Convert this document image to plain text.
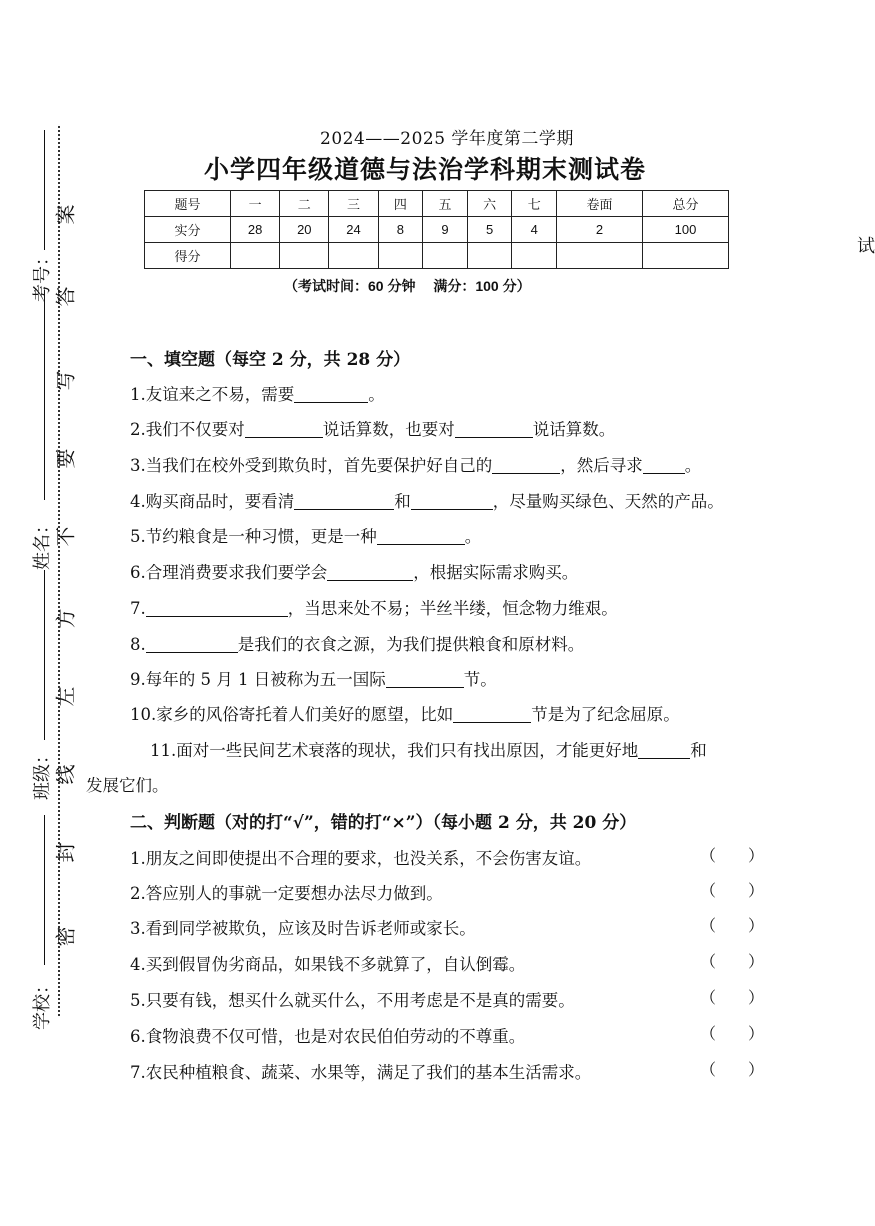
考号：
姓名：
班级：
学校：
密
封
线
左
方
不
要
写
答
案
试
2024——2025 学年度第二学期
小学四年级道德与法治学科期末测试卷
题号	一	二	三	四	五	六	七	卷面	总分
实分	28	20	24	8	9	5	4	2	100
得分									
（考试时间：60 分钟　 满分：100 分）
一、填空题（每空 2 分，共 28 分）
1.友谊来之不易，需要	。
2.我们不仅要对	说话算数，也要对	说话算数。
3.当我们在校外受到欺负时，首先要保护好自己的	，然后寻求	。
4.购买商品时，要看清	和	，尽量购买绿色、天然的产品。
5.节约粮食是一种习惯，更是一种	。
6.合理消费要求我们要学会	，根据实际需求购买。
7.	，当思来处不易；半丝半缕，恒念物力维艰。
8.	是我们的衣食之源，为我们提供粮食和原材料。
9.每年的 5 月 1 日被称为五一国际	节。
10.家乡的风俗寄托着人们美好的愿望，比如	节是为了纪念屈原。
11.面对一些民间艺术衰落的现状，我们只有找出原因，才能更好地	和
发展它们。
二、判断题（对的打“√”，错的打“×”）（每小题 2 分，共 20 分）
1.朋友之间即使提出不合理的要求，也没关系，不会伤害友谊。	（　　）
2.答应别人的事就一定要想办法尽力做到。	（　　）
3.看到同学被欺负，应该及时告诉老师或家长。	（　　）
4.买到假冒伪劣商品，如果钱不多就算了，自认倒霉。	（　　）
5.只要有钱，想买什么就买什么，不用考虑是不是真的需要。	（　　）
6.食物浪费不仅可惜，也是对农民伯伯劳动的不尊重。	（　　）
7.农民种植粮食、蔬菜、水果等，满足了我们的基本生活需求。	（　　）
